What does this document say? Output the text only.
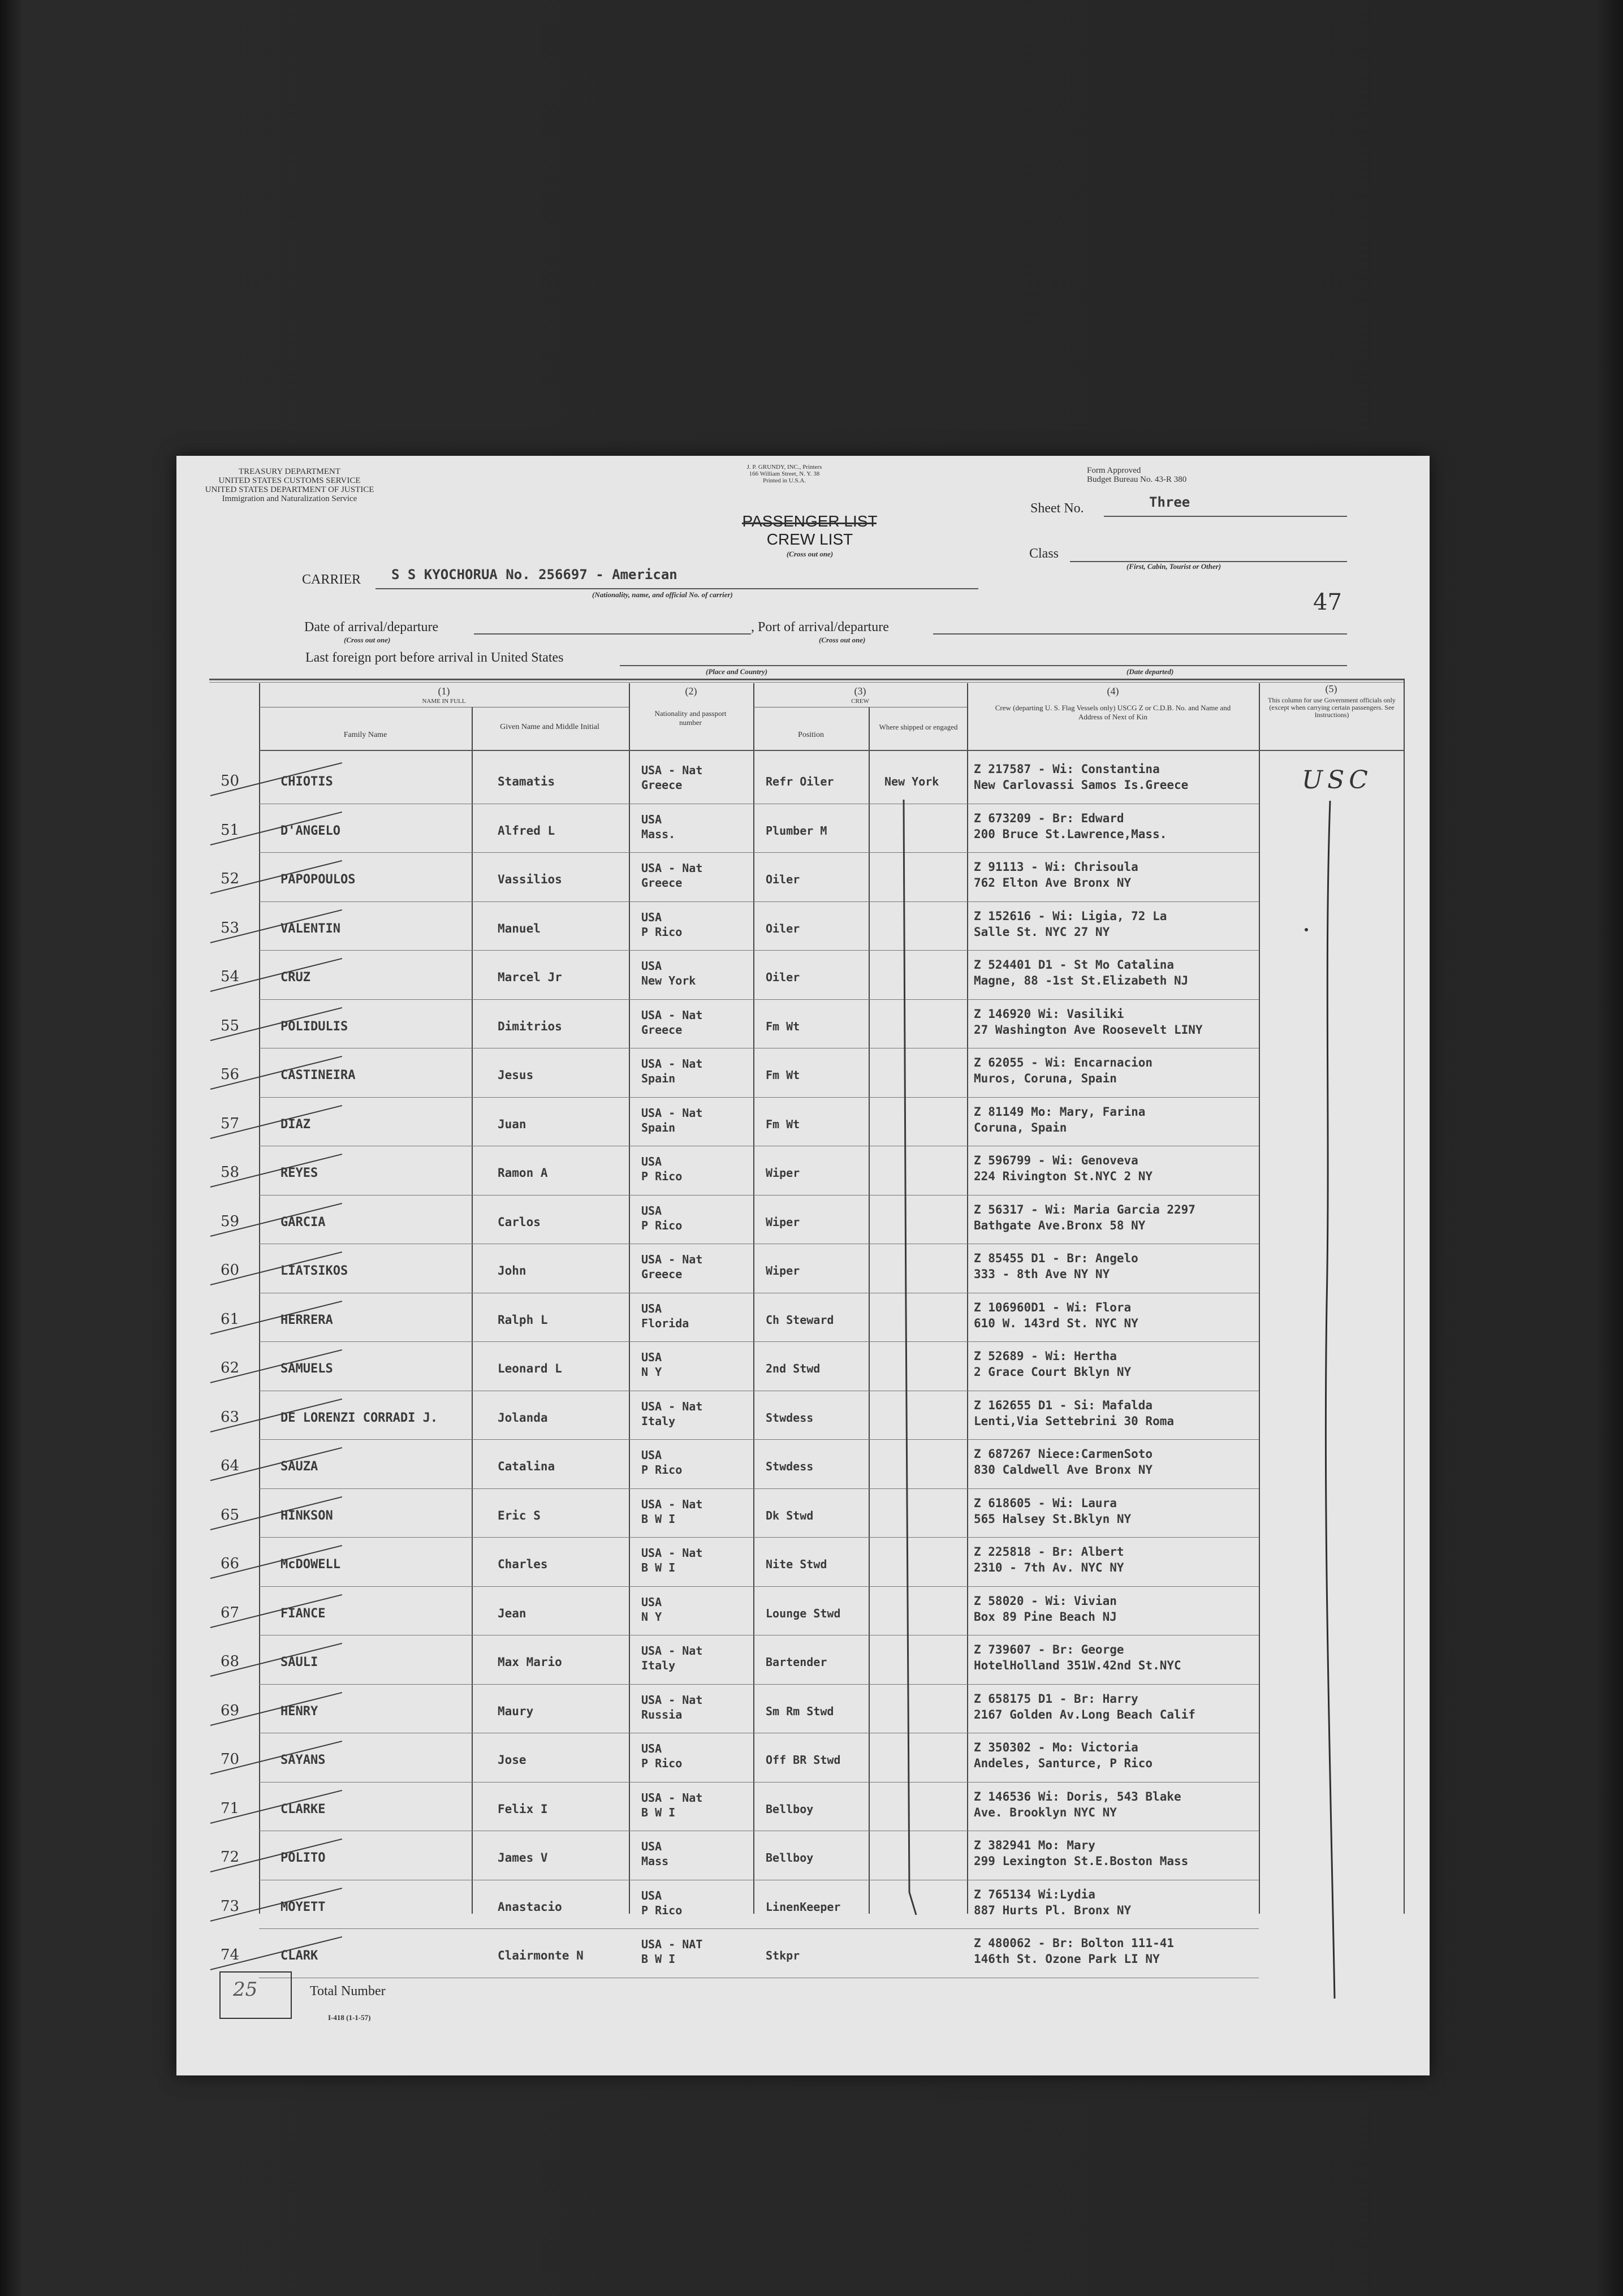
TREASURY DEPARTMENT
UNITED STATES CUSTOMS SERVICE
UNITED STATES DEPARTMENT OF JUSTICE
Immigration and Naturalization Service
J. P. GRUNDY, INC., Printers
166 William Street, N. Y. 38
Printed in U.S.A.
Form Approved
Budget Bureau No. 43-R 380
PASSENGER LIST
CREW LIST
(Cross out one)
Sheet No.	Three
Class
(First, Cabin, Tourist or Other)
47
CARRIER S S KYOCHORUA No. 256697 - American
(Nationality, name, and official No. of carrier)
Date of arrival/departure
(Cross out one)
, Port of arrival/departure
(Cross out one)
Last foreign port before arrival in United States
(Place and Country)	(Date departed)
(1)
NAME IN FULL
Family Name
Given Name and Middle Initial
(2)
Nationality and passport number
(3)
CREW
Position
Where shipped or engaged
(4)
Crew (departing U. S. Flag Vessels only) USCG Z or C.D.B. No. and Name and Address of Next of Kin
(5)
This column for use Government officials only (except when carrying certain passengers. See Instructions)
50	CHIOTIS	Stamatis
USA - Nat
Greece	Refr Oiler	New York
Z 217587 - Wi: Constantina
New Carlovassi Samos Is.Greece
51	D'ANGELO	Alfred L
USA
Mass.	Plumber M
Z 673209 - Br: Edward
200 Bruce St.Lawrence,Mass.
52	PAPOPOULOS	Vassilios
USA - Nat
Greece	Oiler
Z 91113 - Wi: Chrisoula
762 Elton Ave Bronx NY
53	VALENTIN	Manuel
USA
P Rico	Oiler
Z 152616 - Wi: Ligia, 72 La
Salle St. NYC 27 NY
54	CRUZ	Marcel Jr
USA
New York	Oiler
Z 524401 D1 - St Mo Catalina
Magne, 88 -1st St.Elizabeth NJ
55	POLIDULIS	Dimitrios
USA - Nat
Greece	Fm Wt
Z 146920 Wi: Vasiliki
27 Washington Ave Roosevelt LINY
56	CASTINEIRA	Jesus
USA - Nat
Spain	Fm Wt
Z 62055 - Wi: Encarnacion
Muros, Coruna, Spain
57	DIAZ	Juan
USA - Nat
Spain	Fm Wt
Z 81149 Mo: Mary, Farina
Coruna, Spain
58	REYES	Ramon A
USA
P Rico	Wiper
Z 596799 - Wi: Genoveva
224 Rivington St.NYC 2 NY
59	GARCIA	Carlos
USA
P Rico	Wiper
Z 56317 - Wi: Maria Garcia 2297
Bathgate Ave.Bronx 58 NY
60	LIATSIKOS	John
USA - Nat
Greece	Wiper
Z 85455 D1 - Br: Angelo
333 - 8th Ave NY NY
61	HERRERA	Ralph L
USA
Florida	Ch Steward
Z 106960D1 - Wi: Flora
610 W. 143rd St. NYC NY
62	SAMUELS	Leonard L
USA
N Y	2nd Stwd
Z 52689 - Wi: Hertha
2 Grace Court Bklyn NY
63	DE LORENZI CORRADI J.	Jolanda
USA - Nat
Italy	Stwdess
Z 162655 D1 - Si: Mafalda
Lenti,Via Settebrini 30 Roma
64	SAUZA	Catalina
USA
P Rico	Stwdess
Z 687267 Niece:CarmenSoto
830 Caldwell Ave Bronx NY
65	HINKSON	Eric S
USA - Nat
B W I	Dk Stwd
Z 618605 - Wi: Laura
565 Halsey St.Bklyn NY
66	McDOWELL	Charles
USA - Nat
B W I	Nite Stwd
Z 225818 - Br: Albert
2310 - 7th Av. NYC NY
67	FIANCE	Jean
USA
N Y	Lounge Stwd
Z 58020 - Wi: Vivian
Box 89 Pine Beach NJ
68	SAULI	Max Mario
USA - Nat
Italy	Bartender
Z 739607 - Br: George
HotelHolland 351W.42nd St.NYC
69	HENRY	Maury
USA - Nat
Russia	Sm Rm Stwd
Z 658175 D1 - Br: Harry
2167 Golden Av.Long Beach Calif
70	SAYANS	Jose
USA
P Rico	Off BR Stwd
Z 350302 - Mo: Victoria
Andeles, Santurce, P Rico
71	CLARKE	Felix I
USA - Nat
B W I	Bellboy
Z 146536 Wi: Doris, 543 Blake
Ave. Brooklyn NYC NY
72	POLITO	James V
USA
Mass	Bellboy
Z 382941 Mo: Mary
299 Lexington St.E.Boston Mass
73	MOYETT	Anastacio
USA
P Rico	LinenKeeper
Z 765134 Wi:Lydia
887 Hurts Pl. Bronx NY
74	CLARK	Clairmonte N
USA - NAT
B W I	Stkpr
Z 480062 - Br: Bolton 111-41
146th St. Ozone Park LI NY
USC
25	Total Number
I-418 (1-1-57)
